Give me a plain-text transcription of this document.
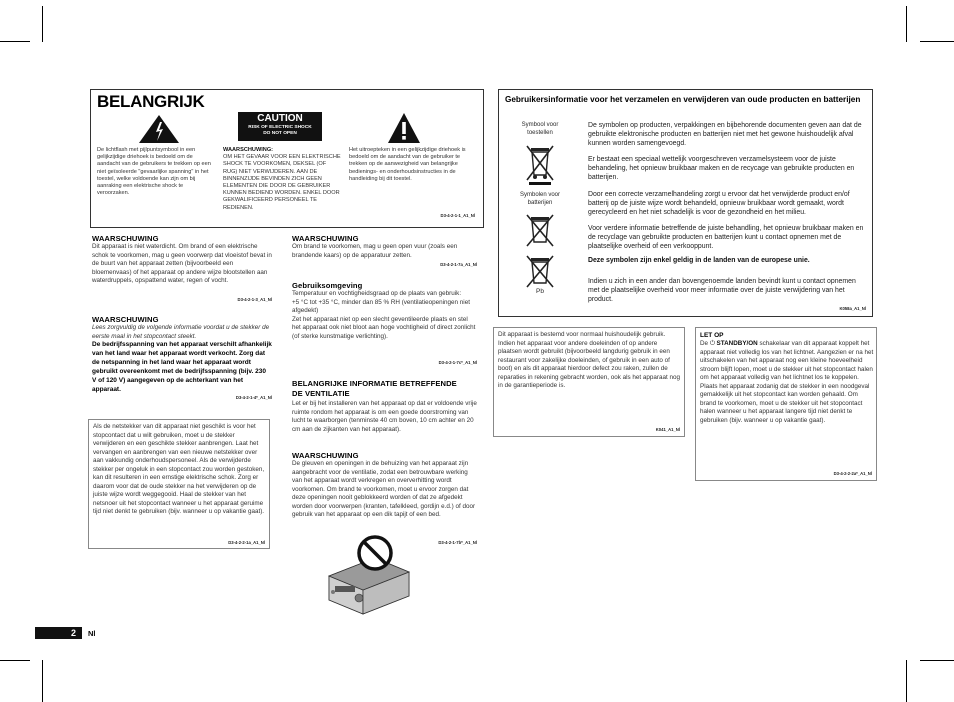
BELANGRIJK
CAUTION
RISK OF ELECTRIC SHOCK
DO NOT OPEN
De lichtflash met pijlpuntsymbool in een gelijkzijdige driehoek is bedoeld om de aandacht van de gebruikers te trekken op een niet geïsoleerde "gevaarlijke spanning" in het toestel, welke voldoende kan zijn om bij aanraking een elektrische shock te veroorzaken.
WAARSCHUWING:
OM HET GEVAAR VOOR EEN ELEKTRISCHE SHOCK TE VOORKOMEN, DEKSEL (OF RUG) NIET VERWIJDEREN. AAN DE BINNENZIJDE BEVINDEN ZICH GEEN ELEMENTEN DIE DOOR DE GEBRUIKER KUNNEN BEDIEND WORDEN. ENKEL DOOR GEKWALIFICEERD PERSONEEL TE REDIENEN.
Het uitroepteken in een gelijkzijdige driehoek is bedoeld om de aandacht van de gebruiker te trekken op de aanwezigheid van belangrijke bedienings- en onderhoudsinstructies in de handleiding bij dit toestel.
D3-4-2-1-1_A1_Nl
WAARSCHUWING
Dit apparaat is niet waterdicht. Om brand of een elektrische schok te voorkomen, mag u geen voorwerp dat vloeistof bevat in de buurt van het apparaat zetten (bijvoorbeeld een bloemenvaas) of het apparaat op andere wijze blootstellen aan waterdruppels, opspattend water, regen of vocht.
D3-4-2-1-3_A1_Nl
WAARSCHUWING
Lees zorgvuldig de volgende informatie voordat u de stekker de eerste maal in het stopcontact steekt.
De bedrijfsspanning van het apparaat verschilt afhankelijk van het land waar het apparaat wordt verkocht. Zorg dat de netspanning in het land waar het apparaat wordt gebruikt overeenkomt met de bedrijfsspanning (bijv. 230 V of 120 V) aangegeven op de achterkant van het apparaat.
D3-4-2-1-4*_A1_Nl
Als de netstekker van dit apparaat niet geschikt is voor het stopcontact dat u wilt gebruiken, moet u de stekker verwijderen en een geschikte stekker aanbrengen. Laat het vervangen en aanbrengen van een nieuwe netstekker over aan vakkundig onderhoudspersoneel. Als de verwijderde stekker per ongeluk in een stopcontact zou worden gestoken, kan dit resulteren in een ernstige elektrische schok. Zorg er daarom voor dat de oude stekker na het verwijderen op de juiste wijze wordt weggegooid. Haal de stekker van het netsnoer uit het stopcontact wanneer u het apparaat geruime tijd niet denkt te gebruiken (bijv. wanneer u op vakantie gaat).
D3-4-2-2-1a_A1_Nl
WAARSCHUWING
Om brand te voorkomen, mag u geen open vuur (zoals een brandende kaars) op de apparatuur zetten.
D3-4-2-1-7a_A1_Nl
Gebruiksomgeving
Temperatuur en vochtigheidsgraad op de plaats van gebruik:
+5 °C tot +35 °C, minder dan 85 % RH (ventilatieopeningen niet afgedekt)
Zet het apparaat niet op een slecht geventileerde plaats en stel het apparaat ook niet bloot aan hoge vochtigheid of direct zonlicht (of sterke kunstmatige verlichting).
D3-4-2-1-7c*_A1_Nl
BELANGRIJKE INFORMATIE BETREFFENDE
DE VENTILATIE
Let er bij het installeren van het apparaat op dat er voldoende vrije ruimte rondom het apparaat is om een goede doorstroming van lucht te waarborgen (tenminste 40 cm boven, 10 cm achter en 20 cm aan de zijkanten van het apparaat).
WAARSCHUWING
De gleuven en openingen in de behuizing van het apparaat zijn aangebracht voor de ventilatie, zodat een betrouwbare werking van het apparaat wordt verkregen en oververhitting wordt voorkomen. Om brand te voorkomen, moet u ervoor zorgen dat deze openingen nooit geblokkeerd worden of dat ze afgedekt worden door voorwerpen (kranten, tafelkleed, gordijn e.d.) of door gebruik van het apparaat op een dik tapijt of een bed.
D3-4-2-1-7b*_A1_Nl
Gebruikersinformatie voor het verzamelen en verwijderen van oude producten en batterijen
Symbool voor toestellen
Symbolen voor batterijen
Pb
De symbolen op producten, verpakkingen en bijbehorende documenten geven aan dat de gebruikte elektronische producten en batterijen niet met het gewone huishoudelijk afval kunnen worden samengevoegd.
Er bestaat een speciaal wettelijk voorgeschreven verzamelsysteem voor de juiste behandeling, het opnieuw bruikbaar maken en de recycage van gebruikte producten en batterijen.
Door een correcte verzamelhandeling zorgt u ervoor dat het verwijderde product en/of batterij op de juiste wijze wordt behandeld, opnieuw bruikbaar wordt gemaakt, wordt gerecycleerd en het niet schadelijk is voor de gezondheid en het milieu.
Voor verdere informatie betreffende de juiste behandling, het opnieuw bruikbaar maken en de recyclage van gebruikte producten en batterijen kunt u contact opnemen met de plaatselijke overheid of een verkooppunt.
Deze symbolen zijn enkel geldig in de landen van de europese unie.
Indien u zich in een ander dan bovengenoemde landen bevindt kunt u contact opnemen met de plaatselijke overheid voor meer informatie over de juiste verwijdering van het product.
K058a_A1_Nl
Dit apparaat is bestemd voor normaal huishoudelijk gebruik. Indien het apparaat voor andere doeleinden of op andere plaatsen wordt gebruikt (bijvoorbeeld langdurig gebruik in een restaurant voor zakelijke doeleinden, of gebruik in een auto of boot) en als dit apparaat hierdoor defect zou raken, zullen de reparaties in rekening gebracht worden, ook als het apparaat nog in de garantieperiode is.
K041_A1_Nl
LET OP
De ⏻ STANDBY/ON schakelaar van dit apparaat koppelt het apparaat niet volledig los van het lichtnet. Aangezien er na het uitschakelen van het apparaat nog een kleine hoeveelheid stroom blijft lopen, moet u de stekker uit het stopcontact halen om het apparaat volledig van het lichtnet los te koppelen. Plaats het apparaat zodanig dat de stekker in een noodgeval gemakkelijk uit het stopcontact kan worden gehaald. Om brand te voorkomen, moet u de stekker uit het stopcontact halen wanneer u het apparaat langere tijd niet denkt te gebruiken (bijv. wanneer u op vakantie gaat).
D3-4-2-2-2a*_A1_Nl
2	Nl
